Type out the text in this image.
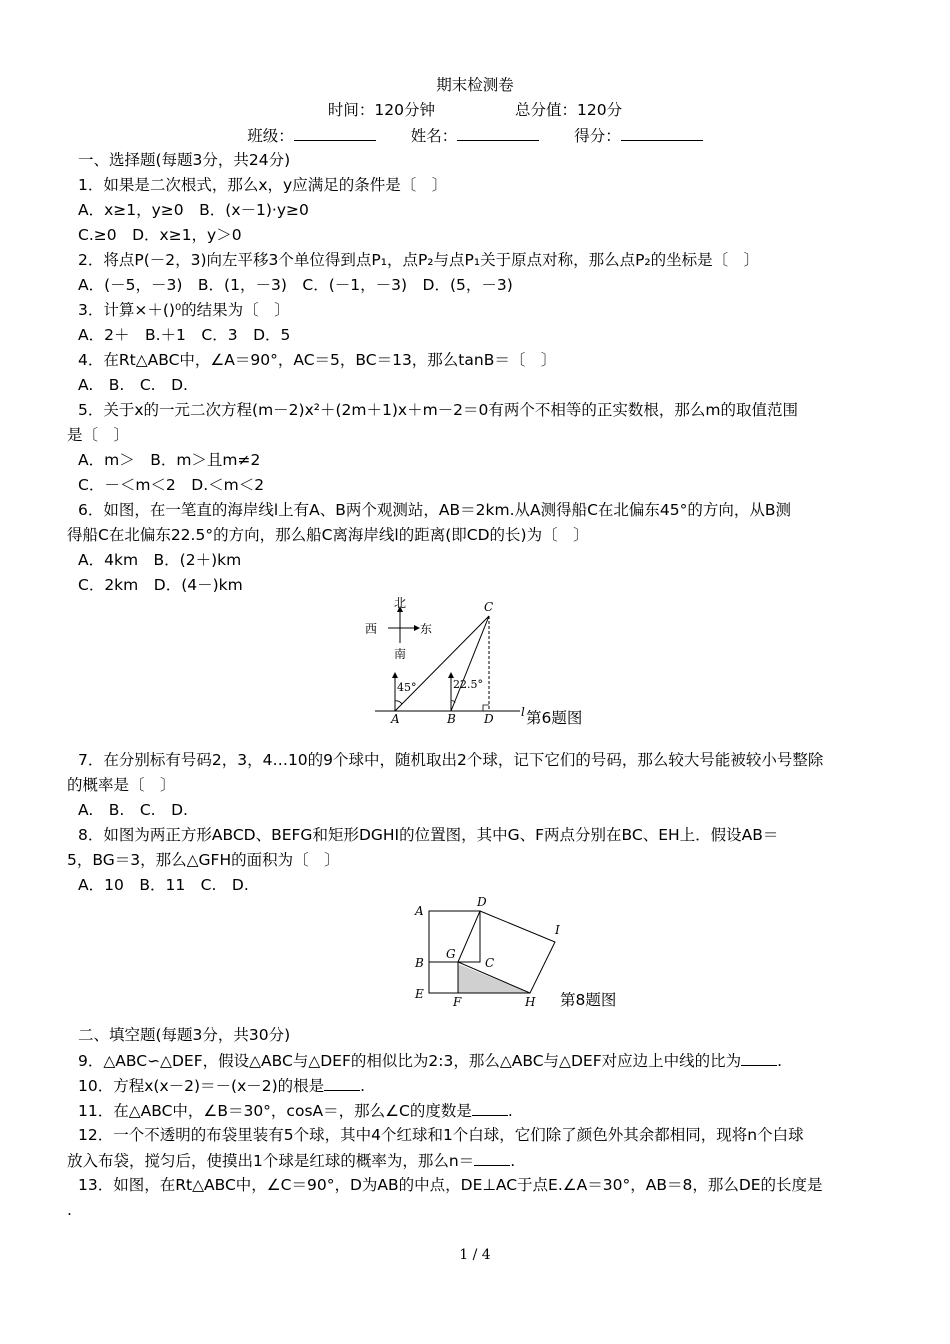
期末检测卷
时间：120分钟	总分值：120分
班级：	姓名：	得分：
一、选择题(每题3分，共24分)
1．如果是二次根式，那么x，y应满足的条件是〔　〕
A．x≥1，y≥0　B．(x－1)·y≥0
C.≥0　D．x≥1，y＞0
2．将点P(－2，3)向左平移3个单位得到点P₁，点P₂与点P₁关于原点对称，那么点P₂的坐标是〔　〕
A．(－5，－3)　B．(1，－3)　C．(－1，－3)　D．(5，－3)
3．计算×＋()⁰的结果为〔　〕
A．2＋　B.＋1　C．3　D．5
4．在Rt△ABC中，∠A＝90°，AC＝5，BC＝13，那么tanB＝〔　〕
A.　B.　C.　D.
5．关于x的一元二次方程(m－2)x²＋(2m＋1)x＋m－2＝0有两个不相等的正实数根，那么m的取值范围
是〔　〕
A．m＞　B．m＞且m≠2
C．－＜m＜2　D.＜m＜2
6．如图，在一笔直的海岸线l上有A、B两个观测站，AB＝2km.从A测得船C在北偏东45°的方向，从B测
得船C在北偏东22.5°的方向，那么船C离海岸线l的距离(即CD的长)为〔　〕
A．4km　B．(2＋)km
C．2km　D．(4－)km
北
西	东
南
45°	22.5°
A	B
C
D l 第6题图
7．在分别标有号码2，3，4…10的9个球中，随机取出2个球，记下它们的号码，那么较大号能被较小号整除
的概率是〔　〕
A.　B.　C.　D.
8．如图为两正方形ABCD、BEFG和矩形DGHI的位置图，其中G、F两点分别在BC、EH上．假设AB＝
5，BG＝3，那么△GFH的面积为〔　〕
A．10　B．11　C.　D.
A
B	C
D
E
F
G
H
I
第8题图
二、填空题(每题3分，共30分)
9．△ABC∽△DEF，假设△ABC与△DEF的相似比为2:3，那么△ABC与△DEF对应边上中线的比为 .
10．方程x(x－2)＝－(x－2)的根是 .
11．在△ABC中，∠B＝30°，cosA＝，那么∠C的度数是 .
12．一个不透明的布袋里装有5个球，其中4个红球和1个白球，它们除了颜色外其余都相同，现将n个白球
放入布袋，搅匀后，使摸出1个球是红球的概率为，那么n＝ .
13．如图，在Rt△ABC中，∠C＝90°，D为AB的中点，DE⊥AC于点E.∠A＝30°，AB＝8，那么DE的长度是
.
1 / 4
